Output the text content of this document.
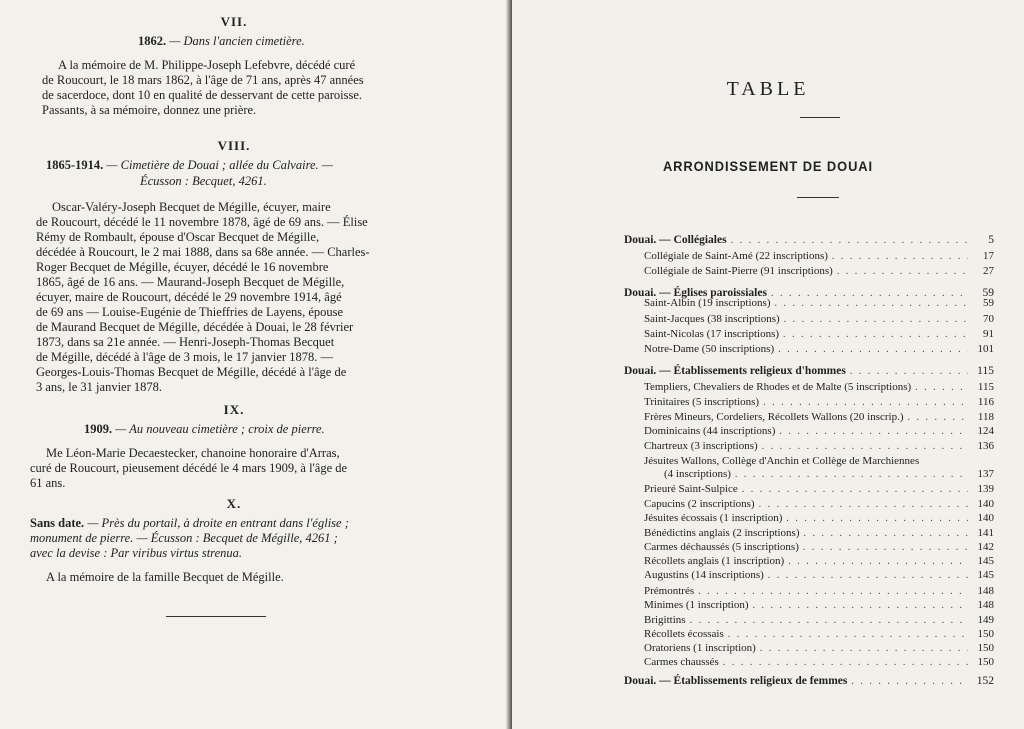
VII.
1862. — Dans l'ancien cimetière.
A la mémoire de M. Philippe-Joseph Lefebvre, décédé curé
de Roucourt, le 18 mars 1862, à l'âge de 71 ans, après 47 années
de sacerdoce, dont 10 en qualité de desservant de cette paroisse.
Passants, à sa mémoire, donnez une prière.
VIII.
1865-1914. — Cimetière de Douai ; allée du Calvaire. —
Écusson : Becquet, 4261.
Oscar-Valéry-Joseph Becquet de Mégille, écuyer, maire
de Roucourt, décédé le 11 novembre 1878, âgé de 69 ans. — Élise
Rémy de Rombault, épouse d'Oscar Becquet de Mégille,
décédée à Roucourt, le 2 mai 1888, dans sa 68e année. — Charles-
Roger Becquet de Mégille, écuyer, décédé le 16 novembre
1865, âgé de 16 ans. — Maurand-Joseph Becquet de Mégille,
écuyer, maire de Roucourt, décédé le 29 novembre 1914, âgé
de 69 ans — Louise-Eugénie de Thieffries de Layens, épouse
de Maurand Becquet de Mégille, décédée à Douai, le 28 février
1873, dans sa 21e année. — Henri-Joseph-Thomas Becquet
de Mégille, décédé à l'âge de 3 mois, le 17 janvier 1878. —
Georges-Louis-Thomas Becquet de Mégille, décédé à l'âge de
3 ans, le 31 janvier 1878.
IX.
1909. — Au nouveau cimetière ; croix de pierre.
Me Léon-Marie Decaestecker, chanoine honoraire d'Arras,
curé de Roucourt, pieusement décédé le 4 mars 1909, à l'âge de
61 ans.
X.
Sans date. — Près du portail, à droite en entrant dans l'église ;
monument de pierre. — Écusson : Becquet de Mégille, 4261 ;
avec la devise : Par viribus virtus strenua.
A la mémoire de la famille Becquet de Mégille.
TABLE
ARRONDISSEMENT DE DOUAI
Douai. — Collégiales . . .	5
Collégiale de Saint-Amé (22 inscriptions) . . .	17
Collégiale de Saint-Pierre (91 inscriptions) . . .	27
Douai. — Églises paroissiales . . .	59
Saint-Albin (19 inscriptions) . . .	59
Saint-Jacques (38 inscriptions) . . .	70
Saint-Nicolas (17 inscriptions) . . .	91
Notre-Dame (50 inscriptions) . . .	101
Douai. — Établissements religieux d'hommes . . .	115
Templiers, Chevaliers de Rhodes et de Malte (5 inscriptions) . . .	115
Trinitaires (5 inscriptions) . . .	116
Frères Mineurs, Cordeliers, Récollets Wallons (20 inscrip.) . . .	118
Dominicains (44 inscriptions) . . .	124
Chartreux (3 inscriptions) . . .	136
Jésuites Wallons, Collège d'Anchin et Collège de Marchiennes
(4 inscriptions) . . .	137
Prieuré Saint-Sulpice . . .	139
Capucins (2 inscriptions) . . .	140
Jésuites écossais (1 inscription) . . .	140
Bénédictins anglais (2 inscriptions) . . .	141
Carmes déchaussés (5 inscriptions) . . .	142
Récollets anglais (1 inscription) . . .	145
Augustins (14 inscriptions) . . .	145
Prémontrés . . .	148
Minimes (1 inscription) . . .	148
Brigittins . . .	149
Récollets écossais . . .	150
Oratoriens (1 inscription) . . .	150
Carmes chaussés . . .	150
Douai. — Établissements religieux de femmes . . .	152
